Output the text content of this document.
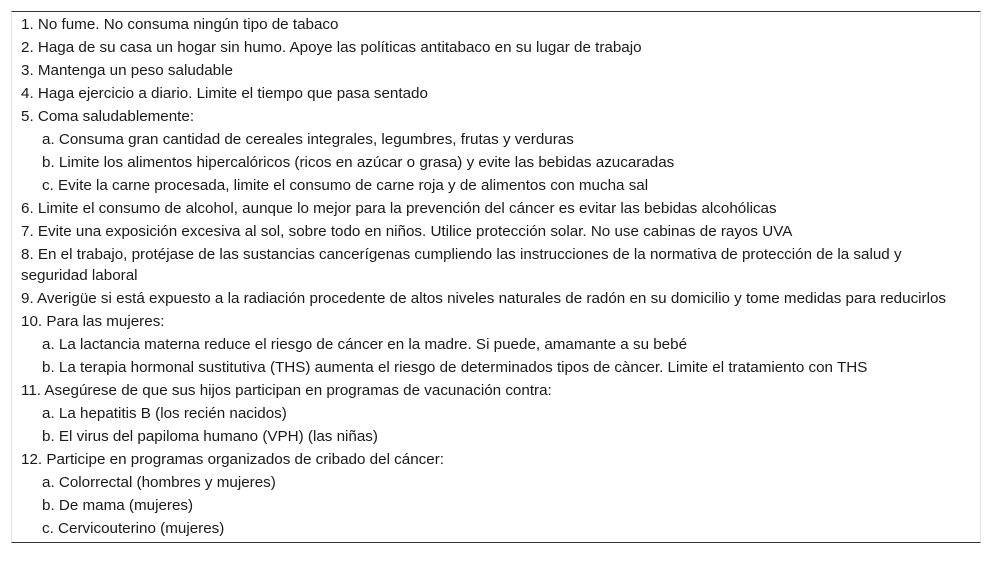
1. No fume. No consuma ningún tipo de tabaco
2. Haga de su casa un hogar sin humo. Apoye las políticas antitabaco en su lugar de trabajo
3. Mantenga un peso saludable
4. Haga ejercicio a diario. Limite el tiempo que pasa sentado
5. Coma saludablemente:
a. Consuma gran cantidad de cereales integrales, legumbres, frutas y verduras
b. Limite los alimentos hipercalóricos (ricos en azúcar o grasa) y evite las bebidas azucaradas
c. Evite la carne procesada, limite el consumo de carne roja y de alimentos con mucha sal
6. Limite el consumo de alcohol, aunque lo mejor para la prevención del cáncer es evitar las bebidas alcohólicas
7. Evite una exposición excesiva al sol, sobre todo en niños. Utilice protección solar. No use cabinas de rayos UVA
8. En el trabajo, protéjase de las sustancias cancerígenas cumpliendo las instrucciones de la normativa de protección de la salud y seguridad laboral
9. Averigüe si está expuesto a la radiación procedente de altos niveles naturales de radón en su domicilio y tome medidas para reducirlos
10. Para las mujeres:
a. La lactancia materna reduce el riesgo de cáncer en la madre. Si puede, amamante a su bebé
b. La terapia hormonal sustitutiva (THS) aumenta el riesgo de determinados tipos de càncer. Limite el tratamiento con THS
11. Asegúrese de que sus hijos participan en programas de vacunación contra:
a. La hepatitis B (los recién nacidos)
b. El virus del papiloma humano (VPH) (las niñas)
12. Participe en programas organizados de cribado del cáncer:
a. Colorrectal (hombres y mujeres)
b. De mama (mujeres)
c. Cervicouterino (mujeres)
